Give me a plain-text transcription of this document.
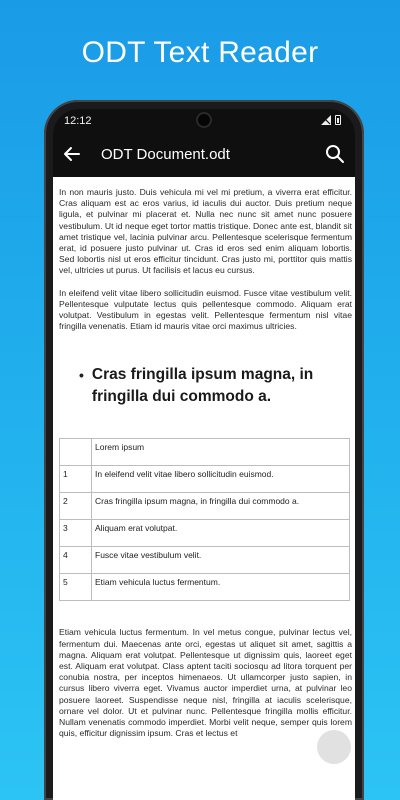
ODT Text Reader
12:12
ODT Document.odt

In non mauris justo. Duis vehicula mi vel mi pretium, a viverra erat efficitur. Cras aliquam est ac eros varius, id iaculis dui auctor. Duis pretium neque ligula, et pulvinar mi placerat et. Nulla nec nunc sit amet nunc posuere vestibulum. Ut id neque eget tortor mattis tristique. Donec ante est, blandit sit amet tristique vel, lacinia pulvinar arcu. Pellentesque scelerisque fermentum erat, id posuere justo pulvinar ut. Cras id eros sed enim aliquam lobortis. Sed lobortis nisl ut eros efficitur tincidunt. Cras justo mi, porttitor quis mattis vel, ultricies ut purus. Ut facilisis et lacus eu cursus.

In eleifend velit vitae libero sollicitudin euismod. Fusce vitae vestibulum velit. Pellentesque vulputate lectus quis pellentesque commodo. Aliquam erat volutpat. Vestibulum in egestas velit. Pellentesque fermentum nisl vitae fringilla venenatis. Etiam id mauris vitae orci maximus ultricies.

• Cras fringilla ipsum magna, in fringilla dui commodo a.
	Lorem ipsum
1	In eleifend velit vitae libero sollicitudin euismod.
2	Cras fringilla ipsum magna, in fringilla dui commodo a.
3	Aliquam erat volutpat.
4	Fusce vitae vestibulum velit.
5	Etiam vehicula luctus fermentum.

Etiam vehicula luctus fermentum. In vel metus congue, pulvinar lectus vel, fermentum dui. Maecenas ante orci, egestas ut aliquet sit amet, sagittis a magna. Aliquam erat volutpat. Pellentesque ut dignissim quis, laoreet eget est. Aliquam erat volutpat. Class aptent taciti sociosqu ad litora torquent per conubia nostra, per inceptos himenaeos. Ut ullamcorper justo sapien, in cursus libero viverra eget. Vivamus auctor imperdiet urna, at pulvinar leo posuere laoreet. Suspendisse neque nisl, fringilla at iaculis scelerisque, ornare vel dolor. Ut et pulvinar nunc. Pellentesque fringilla mollis efficitur. Nullam venenatis commodo imperdiet. Morbi velit neque, semper quis lorem quis, efficitur dignissim ipsum. Cras et lectus et
